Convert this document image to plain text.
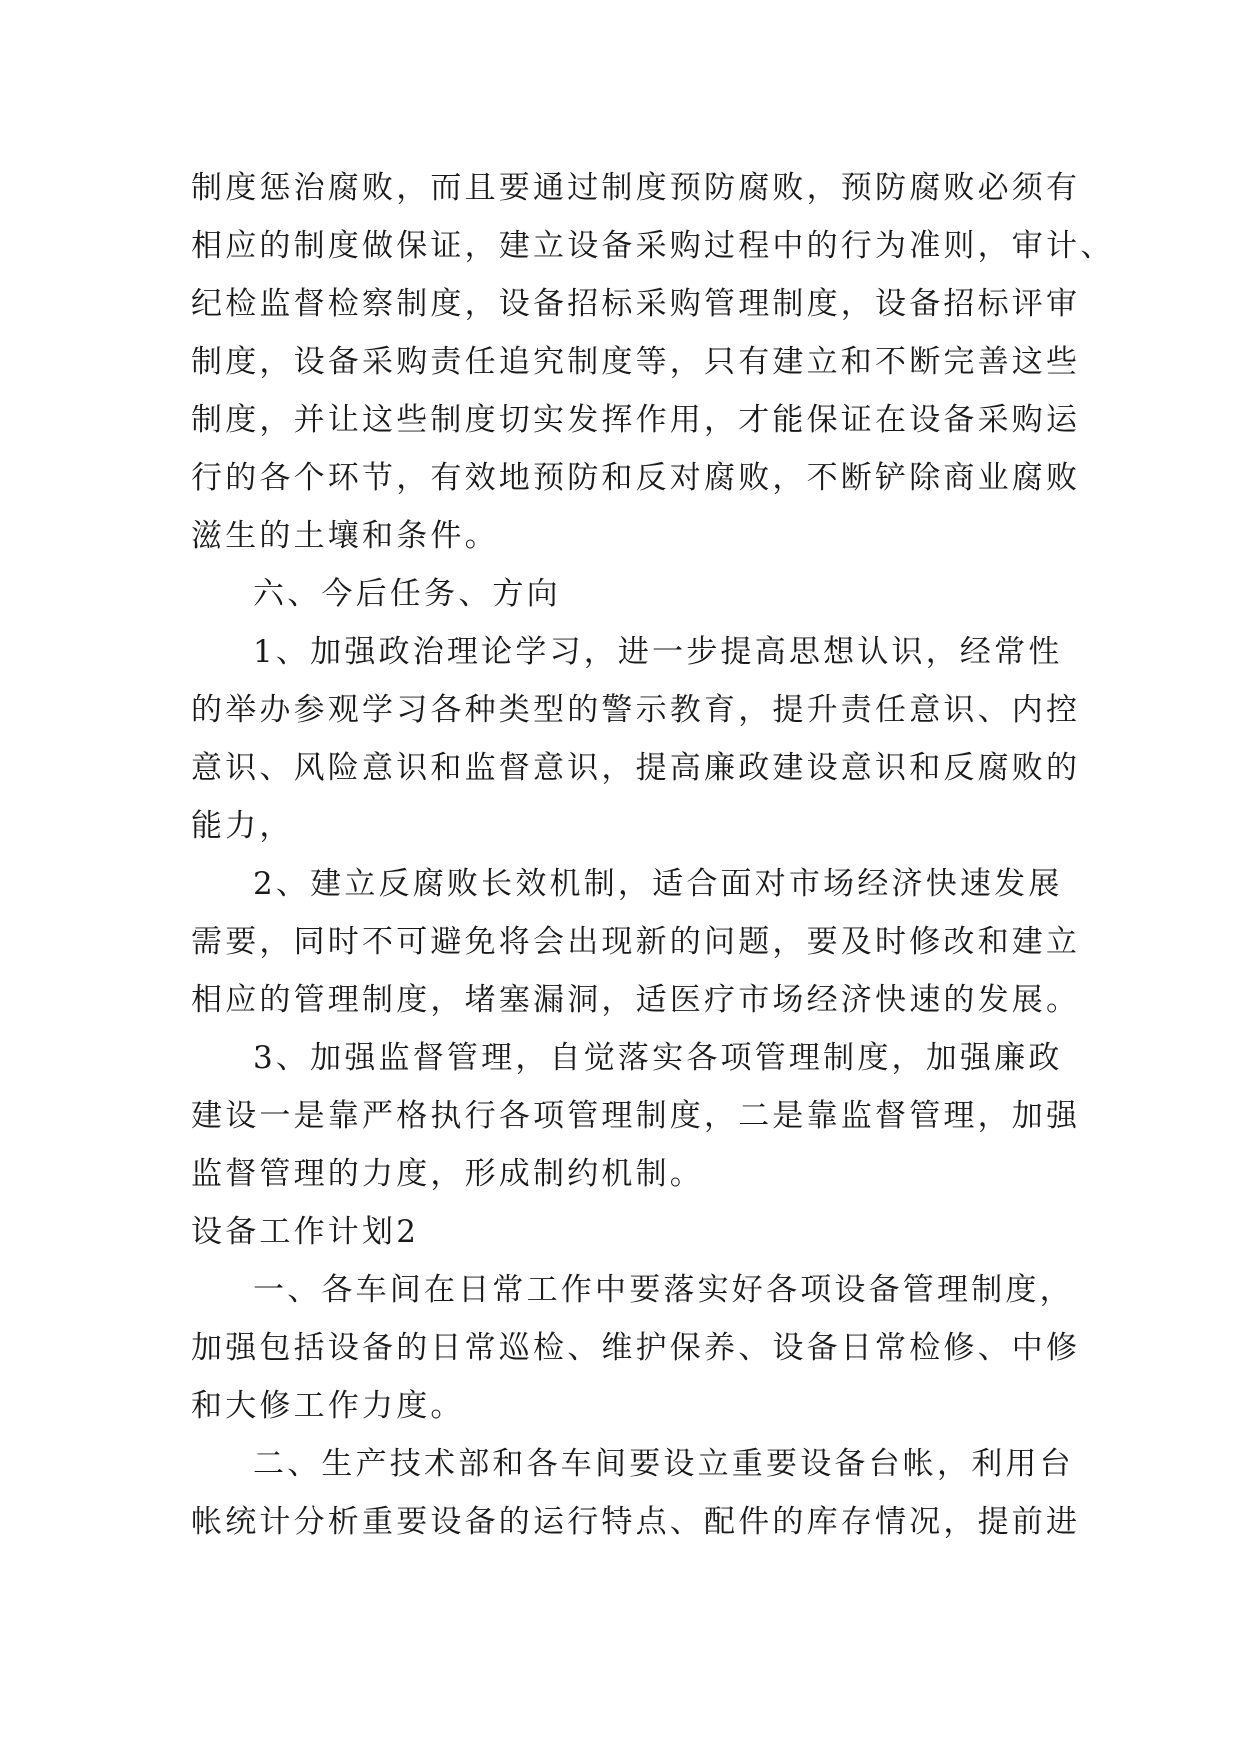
制度惩治腐败，而且要通过制度预防腐败，预防腐败必须有
相应的制度做保证，建立设备采购过程中的行为准则，审计、
纪检监督检察制度，设备招标采购管理制度，设备招标评审
制度，设备采购责任追究制度等，只有建立和不断完善这些
制度，并让这些制度切实发挥作用，才能保证在设备采购运
行的各个环节，有效地预防和反对腐败，不断铲除商业腐败
滋生的土壤和条件。
六、今后任务、方向
1、加强政治理论学习，进一步提高思想认识，经常性
的举办参观学习各种类型的警示教育，提升责任意识、内控
意识、风险意识和监督意识，提高廉政建设意识和反腐败的
能力，
2、建立反腐败长效机制，适合面对市场经济快速发展
需要，同时不可避免将会出现新的问题，要及时修改和建立
相应的管理制度，堵塞漏洞，适医疗市场经济快速的发展。
3、加强监督管理，自觉落实各项管理制度，加强廉政
建设一是靠严格执行各项管理制度，二是靠监督管理，加强
监督管理的力度，形成制约机制。
设备工作计划2
一、各车间在日常工作中要落实好各项设备管理制度，
加强包括设备的日常巡检、维护保养、设备日常检修、中修
和大修工作力度。
二、生产技术部和各车间要设立重要设备台帐，利用台
帐统计分析重要设备的运行特点、配件的库存情况，提前进
